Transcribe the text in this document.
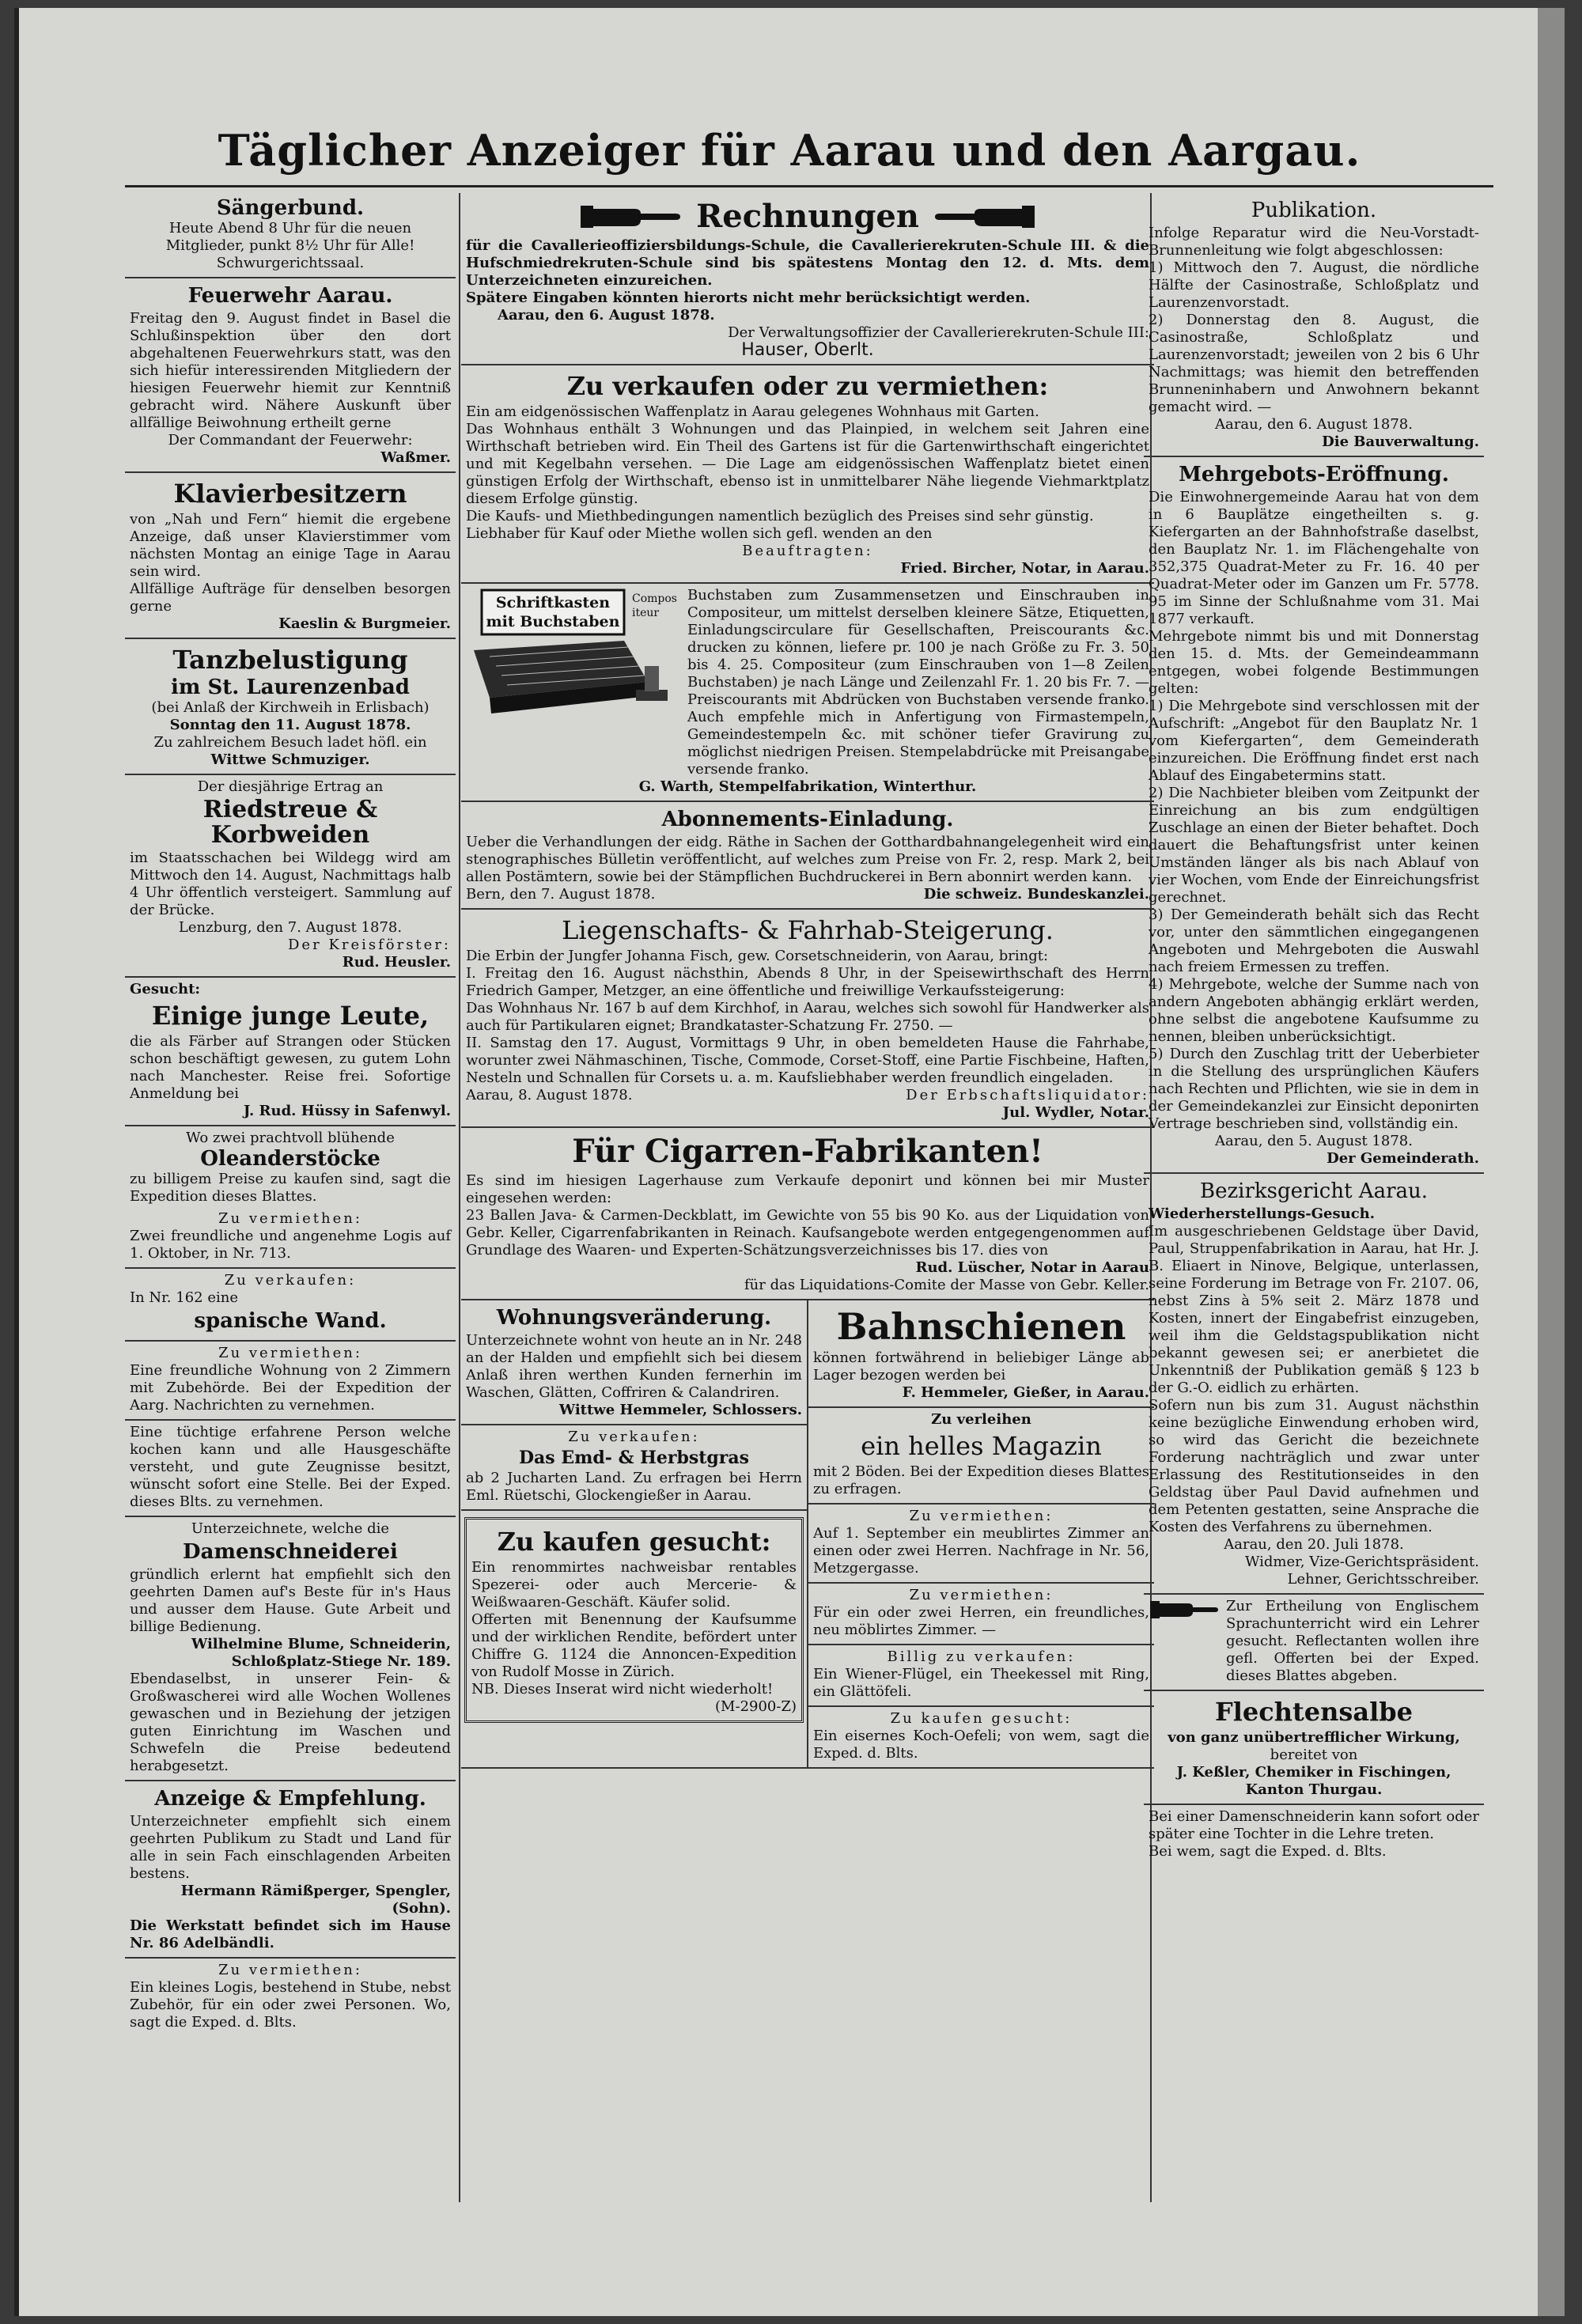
Täglicher Anzeiger für Aarau und den Aargau.

Sängerbund.

Heute Abend 8 Uhr für die neuen Mitglieder, punkt 8½ Uhr für Alle! Schwurgerichtssaal.

Feuerwehr Aarau.

Freitag den 9. August findet in Basel die Schlußinspektion über den dort abgehaltenen Feuerwehrkurs statt, was den sich hiefür interessirenden Mitgliedern der hiesigen Feuerwehr hiemit zur Kenntniß gebracht wird. Nähere Auskunft über allfällige Beiwohnung ertheilt gerne

Der Commandant der Feuerwehr:

Waßmer.

Klavierbesitzern

von „Nah und Fern“ hiemit die ergebene Anzeige, daß unser Klavierstimmer vom nächsten Montag an einige Tage in Aarau sein wird.

Allfällige Aufträge für denselben besorgen gerne

Kaeslin & Burgmeier.

Tanzbelustigung

im St. Laurenzenbad

(bei Anlaß der Kirchweih in Erlisbach)

Sonntag den 11. August 1878.

Zu zahlreichem Besuch ladet höfl. ein

Wittwe Schmuziger.

Der diesjährige Ertrag an

Riedstreue & Korbweiden

im Staatsschachen bei Wildegg wird am Mittwoch den 14. August, Nachmittags halb 4 Uhr öffentlich versteigert. Sammlung auf der Brücke.

Lenzburg, den 7. August 1878.

Der Kreisförster:

Rud. Heusler.

Gesucht:

Einige junge Leute,

die als Färber auf Strangen oder Stücken schon beschäftigt gewesen, zu gutem Lohn nach Manchester. Reise frei. Sofortige Anmeldung bei

J. Rud. Hüssy in Safenwyl.

Wo zwei prachtvoll blühende

Oleanderstöcke

zu billigem Preise zu kaufen sind, sagt die Expedition dieses Blattes.

Zu vermiethen:

Zwei freundliche und angenehme Logis auf 1. Oktober, in Nr. 713.

Zu verkaufen:

In Nr. 162 eine

spanische Wand.

Zu vermiethen:

Eine freundliche Wohnung von 2 Zimmern mit Zubehörde. Bei der Expedition der Aarg. Nachrichten zu vernehmen.

Eine tüchtige erfahrene Person welche kochen kann und alle Hausgeschäfte versteht, und gute Zeugnisse besitzt, wünscht sofort eine Stelle. Bei der Exped. dieses Blts. zu vernehmen.

Unterzeichnete, welche die

Damenschneiderei

gründlich erlernt hat empfiehlt sich den geehrten Damen auf's Beste für in's Haus und ausser dem Hause. Gute Arbeit und billige Bedienung.

Wilhelmine Blume, Schneiderin, Schloßplatz-Stiege Nr. 189.

Ebendaselbst, in unserer Fein- & Großwascherei wird alle Wochen Wollenes gewaschen und in Beziehung der jetzigen guten Einrichtung im Waschen und Schwefeln die Preise bedeutend herabgesetzt.

Anzeige & Empfehlung.

Unterzeichneter empfiehlt sich einem geehrten Publikum zu Stadt und Land für alle in sein Fach einschlagenden Arbeiten bestens.

Hermann Rämißperger, Spengler, (Sohn).

Die Werkstatt befindet sich im Hause Nr. 86 Adelbändli.

Zu vermiethen:

Ein kleines Logis, bestehend in Stube, nebst Zubehör, für ein oder zwei Personen. Wo, sagt die Exped. d. Blts.

Rechnungen

für die Cavallerieoffiziersbildungs-Schule, die Cavallerierekruten-Schule III. & die Hufschmiedrekruten-Schule sind bis spätestens Montag den 12. d. Mts. dem Unterzeichneten einzureichen.

Spätere Eingaben könnten hierorts nicht mehr berücksichtigt werden.

Aarau, den 6. August 1878.

Der Verwaltungsoffizier der Cavallerierekruten-Schule III:

Hauser, Oberlt.

Zu verkaufen oder zu vermiethen:

Ein am eidgenössischen Waffenplatz in Aarau gelegenes Wohnhaus mit Garten.

Das Wohnhaus enthält 3 Wohnungen und das Plainpied, in welchem seit Jahren eine Wirthschaft betrieben wird. Ein Theil des Gartens ist für die Gartenwirthschaft eingerichtet und mit Kegelbahn versehen. — Die Lage am eidgenössischen Waffenplatz bietet einen günstigen Erfolg der Wirthschaft, ebenso ist in unmittelbarer Nähe liegende Viehmarktplatz diesem Erfolge günstig.

Die Kaufs- und Miethbedingungen namentlich bezüglich des Preises sind sehr günstig.

Liebhaber für Kauf oder Miethe wollen sich gefl. wenden an den

Beauftragten:

Fried. Bircher, Notar, in Aarau.

Schriftkasten
mit Buchstaben
Compositeur

Buchstaben zum Zusammensetzen und Einschrauben in Compositeur, um mittelst derselben kleinere Sätze, Etiquetten, Einladungscirculare für Gesellschaften, Preiscourants &c. drucken zu können, liefere pr. 100 je nach Größe zu Fr. 3. 50 bis 4. 25. Compositeur (zum Einschrauben von 1—8 Zeilen Buchstaben) je nach Länge und Zeilenzahl Fr. 1. 20 bis Fr. 7. — Preiscourants mit Abdrücken von Buchstaben versende franko. Auch empfehle mich in Anfertigung von Firmastempeln, Gemeindestempeln &c. mit schöner tiefer Gravirung zu möglichst niedrigen Preisen. Stempelabdrücke mit Preisangabe versende franko.

G. Warth, Stempelfabrikation, Winterthur.

Abonnements-Einladung.

Ueber die Verhandlungen der eidg. Räthe in Sachen der Gotthardbahnangelegenheit wird ein stenographisches Bülletin veröffentlicht, auf welches zum Preise von Fr. 2, resp. Mark 2, bei allen Postämtern, sowie bei der Stämpflichen Buchdruckerei in Bern abonnirt werden kann.

Bern, den 7. August 1878.	Die schweiz. Bundeskanzlei.

Liegenschafts- & Fahrhab-Steigerung.

Die Erbin der Jungfer Johanna Fisch, gew. Corsetschneiderin, von Aarau, bringt:

I. Freitag den 16. August nächsthin, Abends 8 Uhr, in der Speisewirthschaft des Herrn Friedrich Gamper, Metzger, an eine öffentliche und freiwillige Verkaufssteigerung:

Das Wohnhaus Nr. 167 b auf dem Kirchhof, in Aarau, welches sich sowohl für Handwerker als auch für Partikularen eignet; Brandkataster-Schatzung Fr. 2750. —

II. Samstag den 17. August, Vormittags 9 Uhr, in oben bemeldeten Hause die Fahrhabe, worunter zwei Nähmaschinen, Tische, Commode, Corset-Stoff, eine Partie Fischbeine, Haften, Nesteln und Schnallen für Corsets u. a. m. Kaufsliebhaber werden freundlich eingeladen.

Aarau, 8. August 1878.	Der Erbschaftsliquidator:

Jul. Wydler, Notar.

Für Cigarren-Fabrikanten!

Es sind im hiesigen Lagerhause zum Verkaufe deponirt und können bei mir Muster eingesehen werden:

23 Ballen Java- & Carmen-Deckblatt, im Gewichte von 55 bis 90 Ko. aus der Liquidation von Gebr. Keller, Cigarrenfabrikanten in Reinach. Kaufsangebote werden entgegengenommen auf Grundlage des Waaren- und Experten-Schätzungsverzeichnisses bis 17. dies von

Rud. Lüscher, Notar in Aarau

für das Liquidations-Comite der Masse von Gebr. Keller.

Wohnungsveränderung.

Unterzeichnete wohnt von heute an in Nr. 248 an der Halden und empfiehlt sich bei diesem Anlaß ihren werthen Kunden fernerhin im Waschen, Glätten, Coffriren & Calandriren.

Wittwe Hemmeler, Schlossers.

Zu verkaufen:

Das Emd- & Herbstgras

ab 2 Jucharten Land. Zu erfragen bei Herrn Eml. Rüetschi, Glockengießer in Aarau.

Zu kaufen gesucht:

Ein renommirtes nachweisbar rentables Spezerei- oder auch Mercerie- & Weißwaaren-Geschäft. Käufer solid.

Offerten mit Benennung der Kaufsumme und der wirklichen Rendite, befördert unter Chiffre G. 1124 die Annoncen-Expedition von Rudolf Mosse in Zürich.

NB. Dieses Inserat wird nicht wiederholt!

(M-2900-Z)

Bahnschienen

können fortwährend in beliebiger Länge ab Lager bezogen werden bei

F. Hemmeler, Gießer, in Aarau.

Zu verleihen

ein helles Magazin

mit 2 Böden. Bei der Expedition dieses Blattes zu erfragen.

Zu vermiethen:

Auf 1. September ein meublirtes Zimmer an einen oder zwei Herren. Nachfrage in Nr. 56, Metzgergasse.

Zu vermiethen:

Für ein oder zwei Herren, ein freundliches, neu möblirtes Zimmer. —

Billig zu verkaufen:

Ein Wiener-Flügel, ein Theekessel mit Ring, ein Glättöfeli.

Zu kaufen gesucht:

Ein eisernes Koch-Oefeli; von wem, sagt die Exped. d. Blts.

Publikation.

Infolge Reparatur wird die Neu-Vorstadt-Brunnenleitung wie folgt abgeschlossen:

1) Mittwoch den 7. August, die nördliche Hälfte der Casinostraße, Schloßplatz und Laurenzenvorstadt.

2) Donnerstag den 8. August, die Casinostraße, Schloßplatz und Laurenzenvorstadt; jeweilen von 2 bis 6 Uhr Nachmittags; was hiemit den betreffenden Brunneninhabern und Anwohnern bekannt gemacht wird. —

Aarau, den 6. August 1878.

Die Bauverwaltung.

Mehrgebots-Eröffnung.

Die Einwohnergemeinde Aarau hat von dem in 6 Bauplätze eingetheilten s. g. Kiefergarten an der Bahnhofstraße daselbst, den Bauplatz Nr. 1. im Flächengehalte von 352,375 Quadrat-Meter zu Fr. 16. 40 per Quadrat-Meter oder im Ganzen um Fr. 5778. 95 im Sinne der Schlußnahme vom 31. Mai 1877 verkauft.

Mehrgebote nimmt bis und mit Donnerstag den 15. d. Mts. der Gemeindeammann entgegen, wobei folgende Bestimmungen gelten:

1) Die Mehrgebote sind verschlossen mit der Aufschrift: „Angebot für den Bauplatz Nr. 1 vom Kiefergarten“, dem Gemeinderath einzureichen. Die Eröffnung findet erst nach Ablauf des Eingabetermins statt.

2) Die Nachbieter bleiben vom Zeitpunkt der Einreichung an bis zum endgültigen Zuschlage an einen der Bieter behaftet. Doch dauert die Behaftungsfrist unter keinen Umständen länger als bis nach Ablauf von vier Wochen, vom Ende der Einreichungsfrist gerechnet.

3) Der Gemeinderath behält sich das Recht vor, unter den sämmtlichen eingegangenen Angeboten und Mehrgeboten die Auswahl nach freiem Ermessen zu treffen.

4) Mehrgebote, welche der Summe nach von andern Angeboten abhängig erklärt werden, ohne selbst die angebotene Kaufsumme zu nennen, bleiben unberücksichtigt.

5) Durch den Zuschlag tritt der Ueberbieter in die Stellung des ursprünglichen Käufers nach Rechten und Pflichten, wie sie in dem in der Gemeindekanzlei zur Einsicht deponirten Vertrage beschrieben sind, vollständig ein.

Aarau, den 5. August 1878.

Der Gemeinderath.

Bezirksgericht Aarau.

Wiederherstellungs-Gesuch.

Im ausgeschriebenen Geldstage über David, Paul, Struppenfabrikation in Aarau, hat Hr. J. B. Eliaert in Ninove, Belgique, unterlassen, seine Forderung im Betrage von Fr. 2107. 06, nebst Zins à 5% seit 2. März 1878 und Kosten, innert der Eingabefrist einzugeben, weil ihm die Geldstagspublikation nicht bekannt gewesen sei; er anerbietet die Unkenntniß der Publikation gemäß § 123 b der G.-O. eidlich zu erhärten.

Sofern nun bis zum 31. August nächsthin keine bezügliche Einwendung erhoben wird, so wird das Gericht die bezeichnete Forderung nachträglich und zwar unter Erlassung des Restitutionseides in den Geldstag über Paul David aufnehmen und dem Petenten gestatten, seine Ansprache die Kosten des Verfahrens zu übernehmen.

Aarau, den 20. Juli 1878.

Widmer, Vize-Gerichtspräsident.

Lehner, Gerichtsschreiber.

Zur Ertheilung von Englischem Sprachunterricht wird ein Lehrer gesucht. Reflectanten wollen ihre gefl. Offerten bei der Exped. dieses Blattes abgeben.

Flechtensalbe

von ganz unübertrefflicher Wirkung,

bereitet von

J. Keßler, Chemiker in Fischingen, Kanton Thurgau.

Bei einer Damenschneiderin kann sofort oder später eine Tochter in die Lehre treten.

Bei wem, sagt die Exped. d. Blts.
